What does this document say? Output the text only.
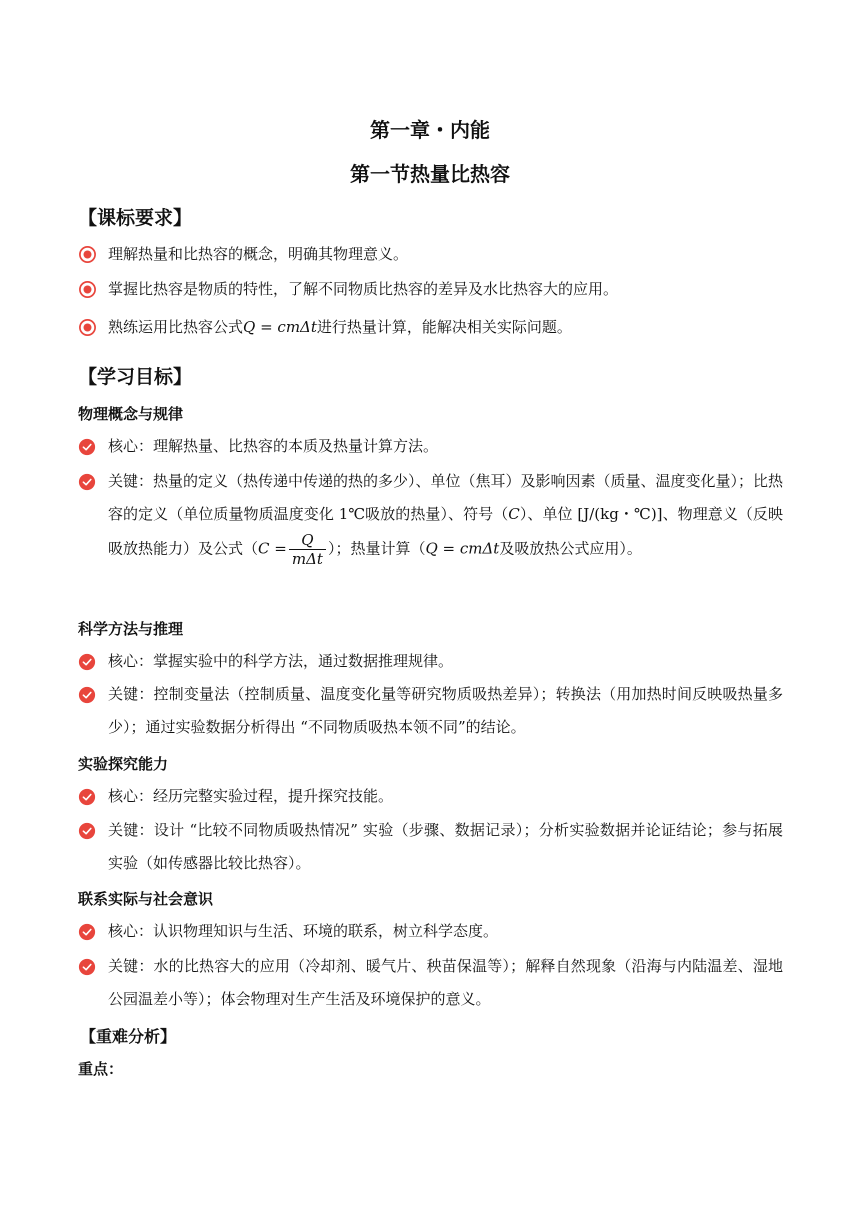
第一章・内能
第一节热量比热容
【课标要求】
理解热量和比热容的概念，明确其物理意义。
掌握比热容是物质的特性，了解不同物质比热容的差异及水比热容大的应用。
熟练运用比热容公式Q = cmΔt进行热量计算，能解决相关实际问题。
【学习目标】
物理概念与规律
核心：理解热量、比热容的本质及热量计算方法。
关键：热量的定义（热传递中传递的热的多少）、单位（焦耳）及影响因素（质量、温度变化量）；比热容的定义（单位质量物质温度变化 1℃吸放的热量）、符号（C）、单位 [J/(kg・℃)]、物理意义（反映吸放热能力）及公式（$C = \frac{Q}{\text{mΔt}}$ ）；热量计算（Q = cmΔt及吸放热公式应用）。
科学方法与推理
核心：掌握实验中的科学方法，通过数据推理规律。
关键：控制变量法（控制质量、温度变化量等研究物质吸热差异）；转换法（用加热时间反映吸热量多少）；通过实验数据分析得出 “不同物质吸热本领不同”的结论。
实验探究能力
核心：经历完整实验过程，提升探究技能。
关键：设计 “比较不同物质吸热情况” 实验（步骤、数据记录）；分析实验数据并论证结论；参与拓展实验（如传感器比较比热容）。
联系实际与社会意识
核心：认识物理知识与生活、环境的联系，树立科学态度。
关键：水的比热容大的应用（冷却剂、暖气片、秧苗保温等）；解释自然现象（沿海与内陆温差、湿地公园温差小等）；体会物理对生产生活及环境保护的意义。
【重难分析】
重点：
